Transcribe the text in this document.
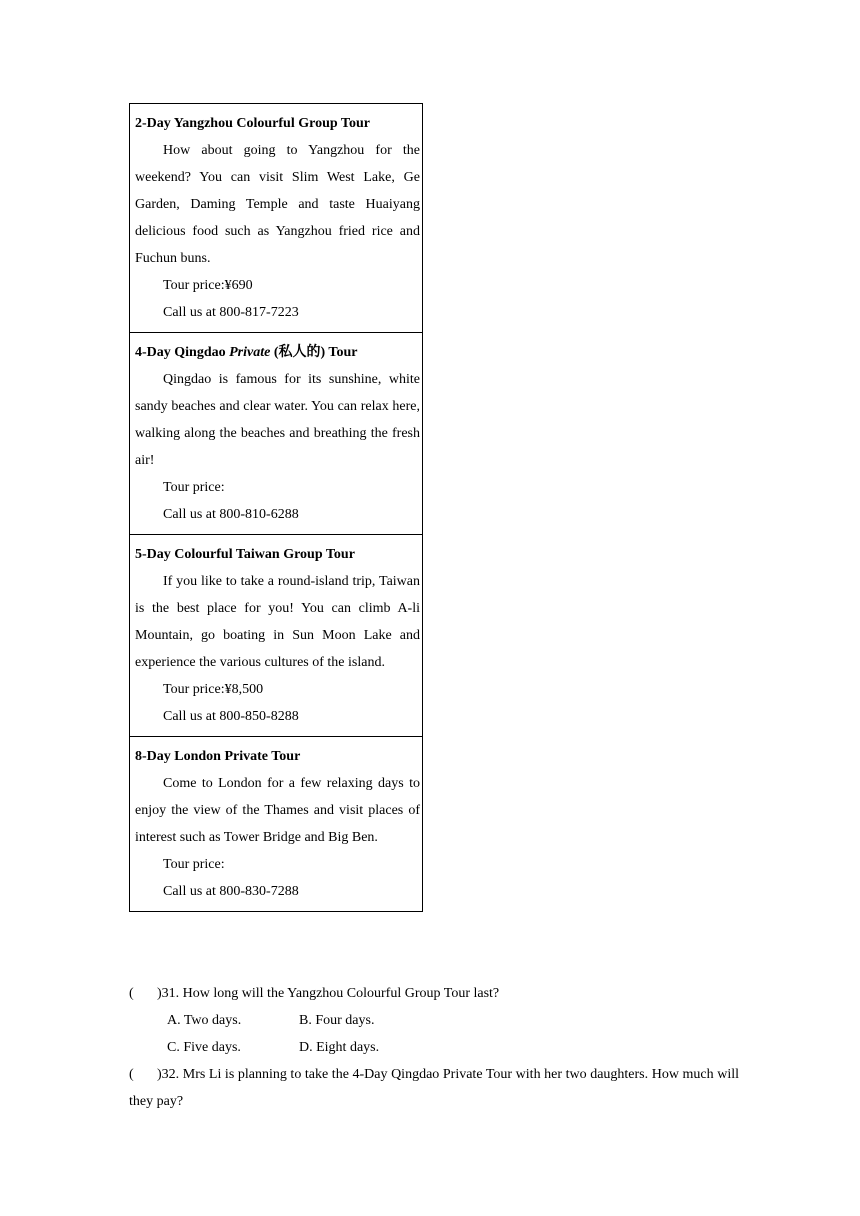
2-Day Yangzhou Colourful Group Tour

How about going to Yangzhou for the weekend? You can visit Slim West Lake, Ge Garden, Daming Temple and taste Huaiyang delicious food such as Yangzhou fried rice and Fuchun buns.

Tour price:¥690

Call us at 800-817-7223

4-Day Qingdao Private (私人的) Tour

Qingdao is famous for its sunshine, white sandy beaches and clear water. You can relax here, walking along the beaches and breathing the fresh air!

Tour price:

Call us at 800-810-6288

5-Day Colourful Taiwan Group Tour

If you like to take a round-island trip, Taiwan is the best place for you! You can climb A-li Mountain, go boating in Sun Moon Lake and experience the various cultures of the island.

Tour price:¥8,500

Call us at 800-850-8288

8-Day London Private Tour

Come to London for a few relaxing days to enjoy the view of the Thames and visit places of interest such as Tower Bridge and Big Ben.

Tour price:

Call us at 800-830-7288

( )31. How long will the Yangzhou Colourful Group Tour last?

A. Two days.	B. Four days.

C. Five days.	D. Eight days.

( )32. Mrs Li is planning to take the 4-Day Qingdao Private Tour with her two daughters. How much will they pay?
